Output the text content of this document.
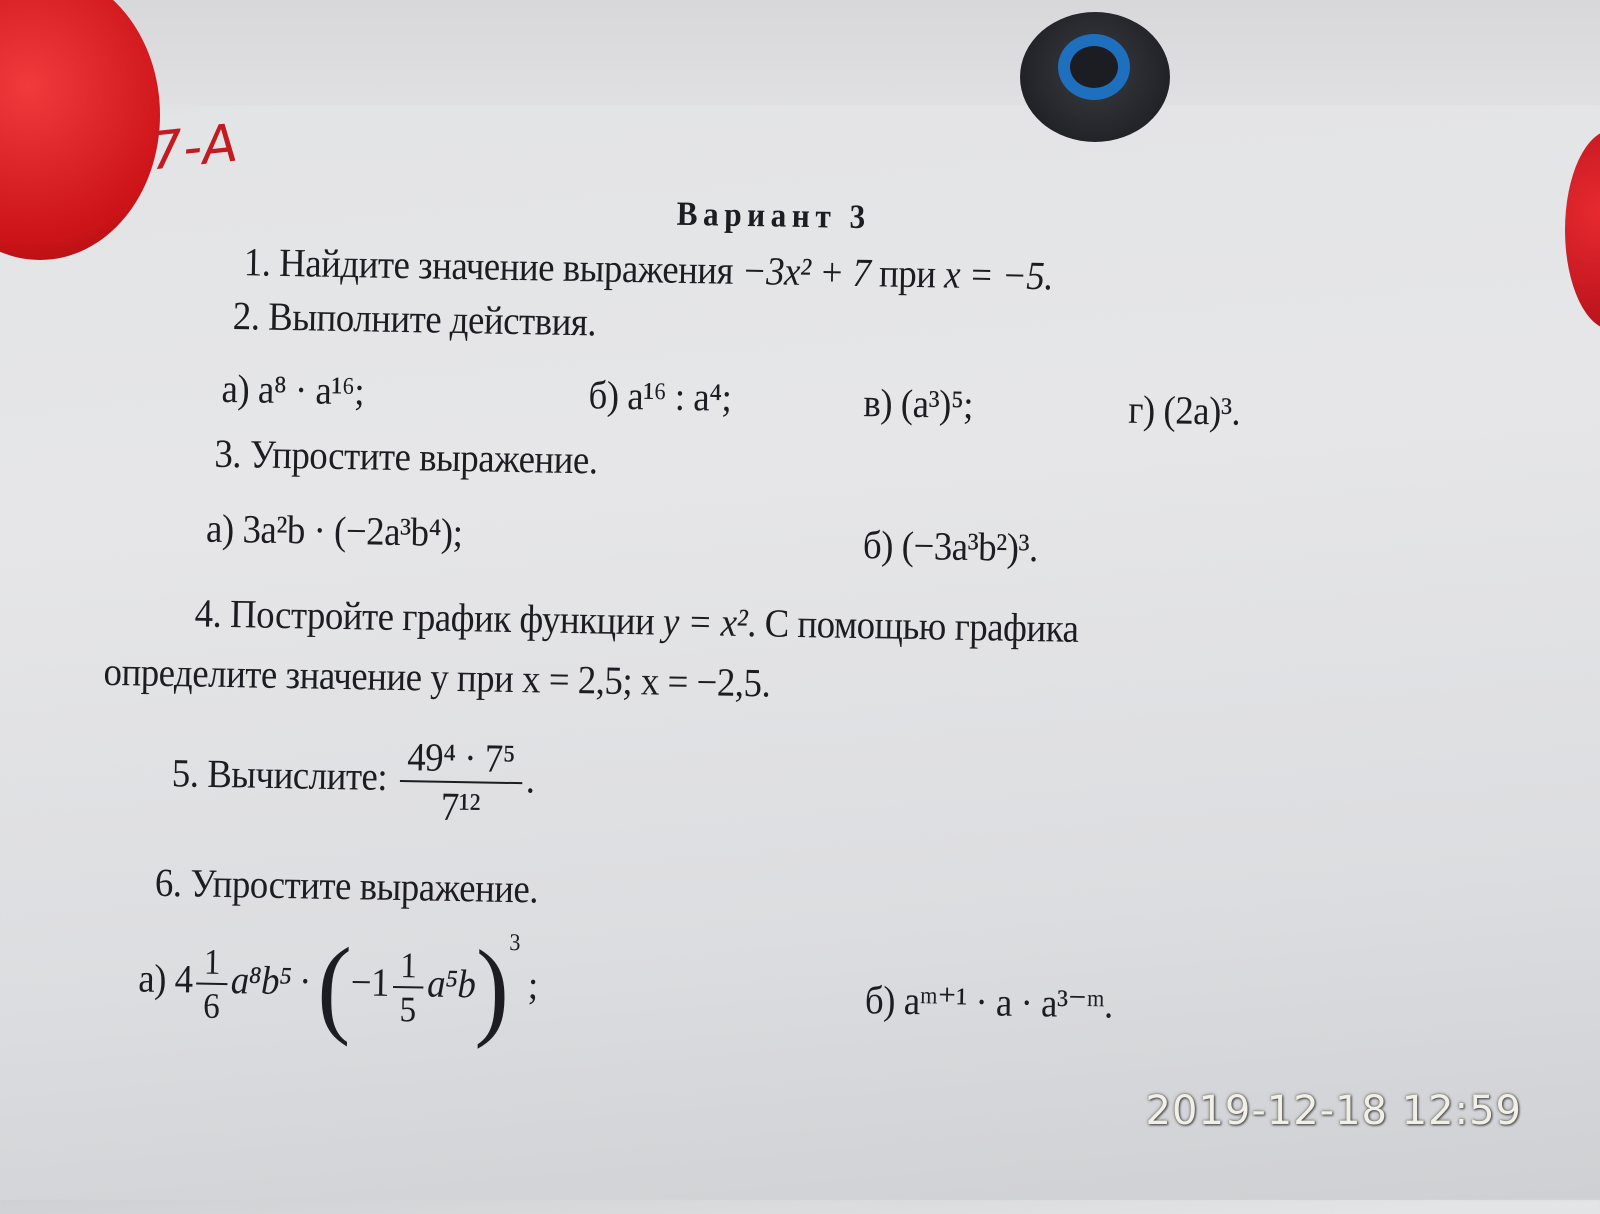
7-А
Вариант 3
1. Найдите значение выражения −3x² + 7 при x = −5.
2. Выполните действия.
а) a⁸ · a¹⁶;	б) a¹⁶ : a⁴;	в) (a³)⁵;	г) (2a)³.
3. Упростите выражение.
а) 3a²b · (−2a³b⁴);	б) (−3a³b²)³.
4. Постройте график функции y = x². С помощью графика
определите значение y при x = 2,5; x = −2,5.
5. Вычислите: $\frac{\text{49⁴ · 7⁵}}{\text{7¹²}}$ .
6. Упростите выражение.
а) $4 \frac{1}{6} a^8b^5 \cdot (-1 \frac{1}{5} a^5b)^3$ ;	б) aᵐ⁺¹ · a · a³⁻ᵐ.
2019-12-18 12:59
